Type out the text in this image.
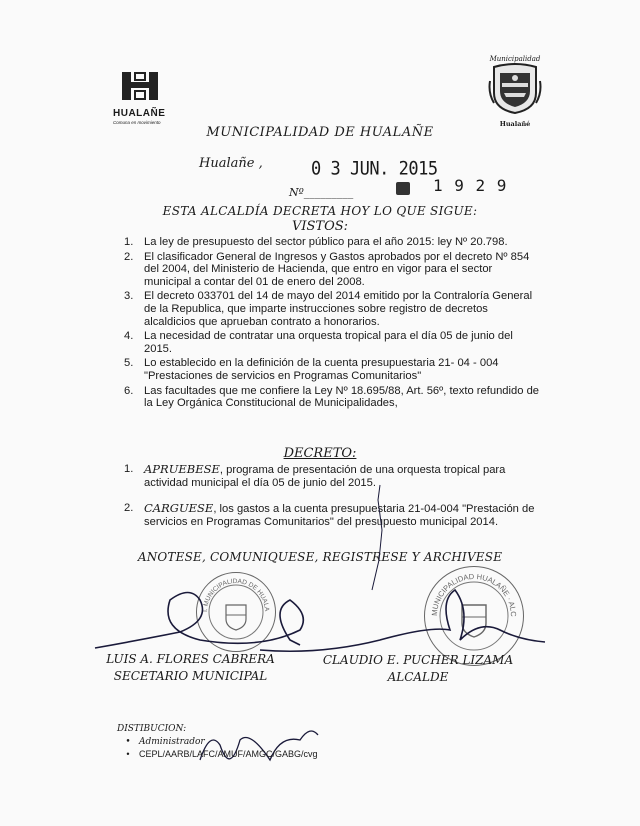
HUALAÑE
Comuna en movimiento
Municipalidad
Hualañé
MUNICIPALIDAD DE HUALAÑE
Hualañe ,	0 3 JUN. 2015
Nº_________	1 9 2 9
ESTA ALCALDÍA DECRETA HOY LO QUE SIGUE:
VISTOS:
1. La ley de presupuesto del sector público para el año 2015: ley Nº 20.798.
2. El clasificador General de Ingresos y Gastos aprobados por el decreto Nº 854 del 2004, del Ministerio de Hacienda, que entro en vigor para el sector municipal a contar del 01 de enero del 2008.
3. El decreto 033701 del 14 de mayo del 2014 emitido por la Contraloría General de la Republica, que imparte instrucciones sobre registro de decretos alcaldicios que aprueban contrato a honorarios.
4. La necesidad de contratar una orquesta tropical para el día 05 de junio del 2015.
5. Lo establecido en la definición de la cuenta presupuestaria 21- 04 - 004 "Prestaciones de servicios en Programas Comunitarios"
6. Las facultades que me confiere la Ley Nº 18.695/88, Art. 56º, texto refundido de la Ley Orgánica Constitucional de Municipalidades,
DECRETO:
1. APRUEBESE, programa de presentación de una orquesta tropical para actividad municipal el día 05 de junio del 2015.
2. CARGUESE, los gastos a la cuenta presupuestaria 21-04-004 "Prestación de servicios en Programas Comunitarios" del presupuesto municipal 2014.
ANOTESE, COMUNIQUESE, REGISTRESE Y ARCHIVESE
I. MUNICIPALIDAD DE HUALA
MUNICIPALIDAD HUALAÑE · ALC
LUIS A. FLORES CABRERA
SECETARIO MUNICIPAL
CLAUDIO E. PUCHER LIZAMA
ALCALDE
DISTIBUCION:
• Administrador
• CEPL/AARB/LAFC/AMUF/AMGC/GABG/cvg
